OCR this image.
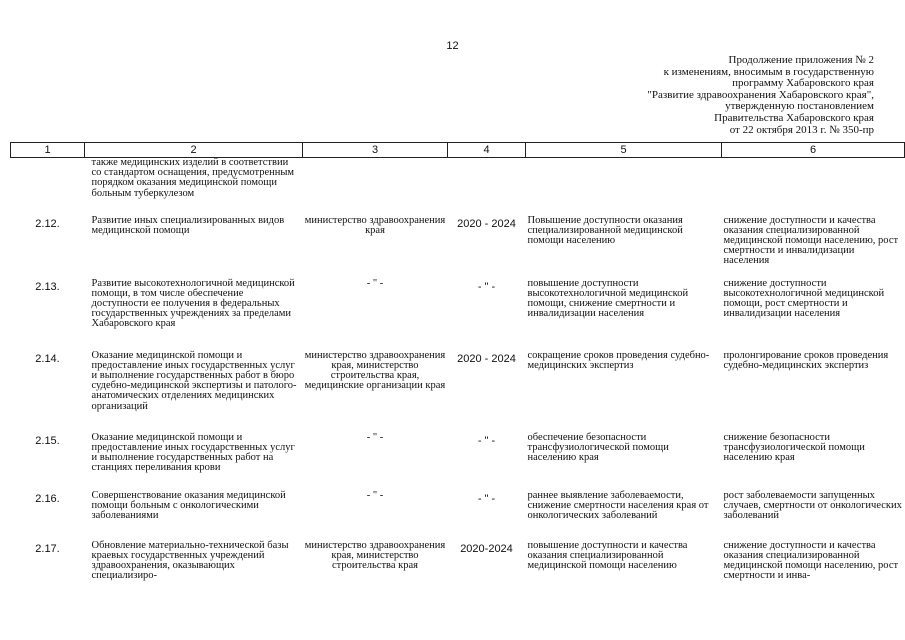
12
Продолжение приложения № 2
к изменениям, вносимым в государственную
программу Хабаровского края
"Развитие здравоохранения Хабаровского края",
утвержденную постановлением
Правительства Хабаровского края
от 22 октября 2013 г. № 350-пр
1	2	3	4	5	6
	также медицинских изделий в соответствии со стандартом оснащения, предусмотренным порядком оказания медицинской помощи больным туберкулезом				
2.12.	Развитие иных специализированных видов медицинской помощи	министерство здравоохранения края	2020 - 2024	Повышение доступности оказания специализированной медицинской помощи населению	снижение доступности и качества оказания специализированной медицинской помощи населению, рост смертности и инвалидизации населения
2.13.	Развитие высокотехнологичной медицинской помощи, в том числе обеспечение доступности ее получения в федеральных государственных учреждениях за пределами Хабаровского края	- " -	- " -	повышение доступности высокотехнологичной медицинской помощи, снижение смертности и инвалидизации населения	снижение доступности высокотехнологичной медицинской помощи, рост смертности и инвалидизации населения
2.14.	Оказание медицинской помощи и предоставление иных государственных услуг и выполнение государственных работ в бюро судебно-медицинской экспертизы и патолого-анатомических отделениях медицинских организаций	министерство здравоохранения края, министерство строительства края, медицинские организации края	2020 - 2024	сокращение сроков проведения судебно-медицинских экспертиз	пролонгирование сроков проведения судебно-медицинских экспертиз
2.15.	Оказание медицинской помощи и предоставление иных государственных услуг и выполнение государственных работ на станциях переливания крови	- " -	- " -	обеспечение безопасности трансфузиологической помощи населению края	снижение безопасности трансфузиологической помощи населению края
2.16.	Совершенствование оказания медицинской помощи больным с онкологическими заболеваниями	- " -	- " -	раннее выявление заболеваемости, снижение смертности населения края от онкологических заболеваний	рост заболеваемости запущенных случаев, смертности от онкологических заболеваний
2.17.	Обновление материально-технической базы краевых государственных учреждений здравоохранения, оказывающих специализиро-	министерство здравоохранения края, министерство строительства края	2020-2024	повышение доступности и качества оказания специализированной медицинской помощи населению	снижение доступности и качества оказания специализированной медицинской помощи населению, рост смертности и инва-
